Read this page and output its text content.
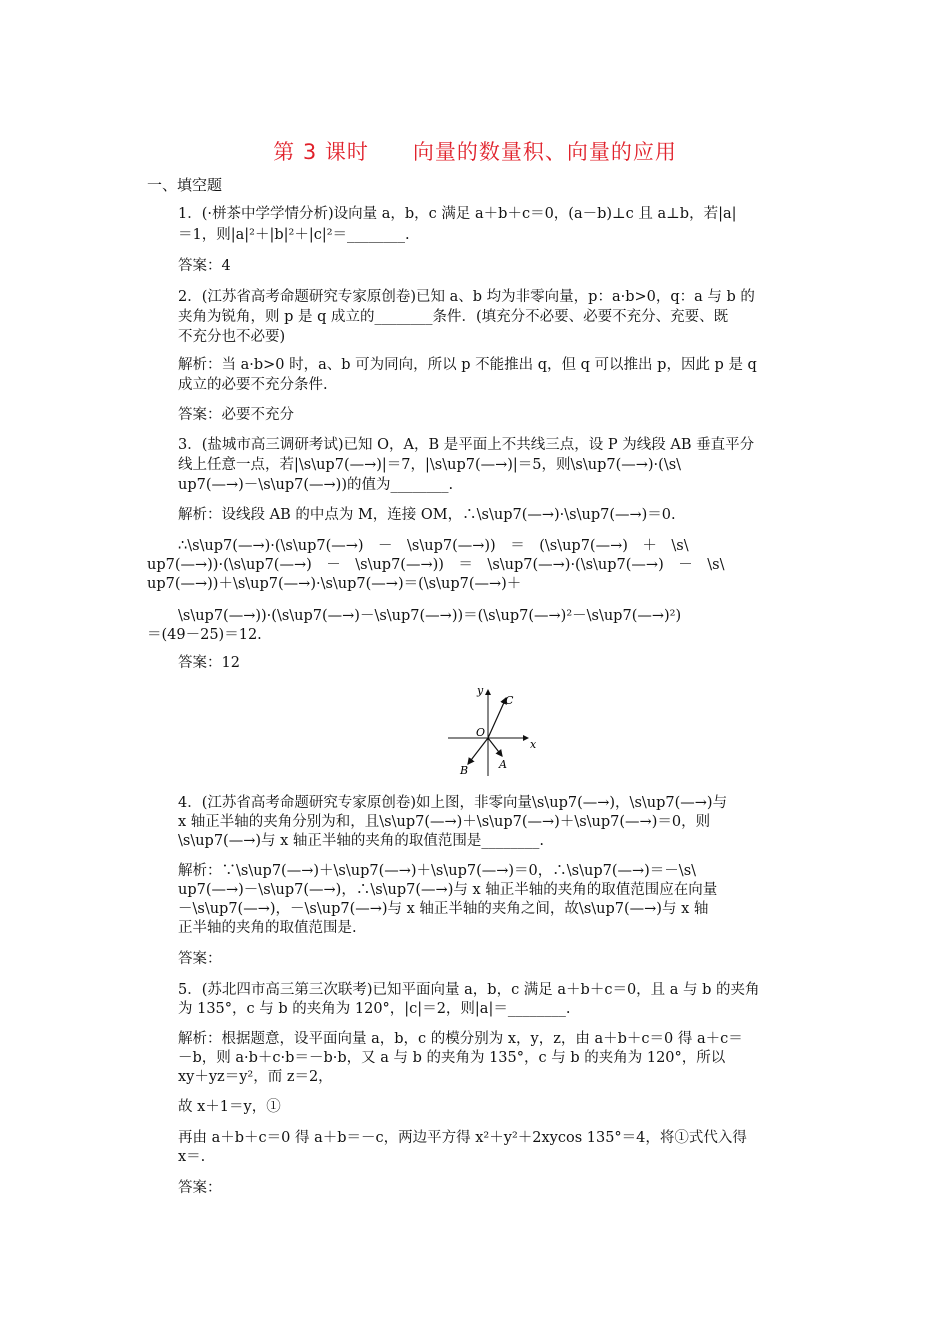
第 3 课时　　向量的数量积、向量的应用
一、填空题
1．(·栟茶中学学情分析)设向量 a，b，c 满足 a＋b＋c＝0，(a－b)⊥c 且 a⊥b，若|a|
＝1，则|a|²＋|b|²＋|c|²＝________.
答案：4
2．(江苏省高考命题研究专家原创卷)已知 a、b 均为非零向量，p：a·b>0，q：a 与 b 的
夹角为锐角，则 p 是 q 成立的________条件．(填充分不必要、必要不充分、充要、既
不充分也不必要)
解析：当 a·b>0 时，a、b 可为同向，所以 p 不能推出 q，但 q 可以推出 p，因此 p 是 q
成立的必要不充分条件.
答案：必要不充分
3．(盐城市高三调研考试)已知 O，A，B 是平面上不共线三点，设 P 为线段 AB 垂直平分
线上任意一点，若|\s\up7(—→)|＝7，|\s\up7(—→)|＝5，则\s\up7(—→)·(\s\
up7(—→)－\s\up7(—→))的值为________.
解析：设线段 AB 的中点为 M，连接 OM，∴\s\up7(—→)·\s\up7(—→)＝0.
∴\s\up7(—→)·(\s\up7(—→)　－　\s\up7(—→))　＝　(\s\up7(—→)　＋　\s\
up7(—→))·(\s\up7(—→)　－　\s\up7(—→))　＝　\s\up7(—→)·(\s\up7(—→)　－　\s\
up7(—→))＋\s\up7(—→)·\s\up7(—→)＝(\s\up7(—→)＋
\s\up7(—→))·(\s\up7(—→)－\s\up7(—→))＝(\s\up7(—→)²－\s\up7(—→)²)
＝(49－25)＝12.
答案：12
y
x
O
C
A
B
4．(江苏省高考命题研究专家原创卷)如上图，非零向量\s\up7(—→)，\s\up7(—→)与
x 轴正半轴的夹角分别为和，且\s\up7(—→)＋\s\up7(—→)＋\s\up7(—→)＝0，则
\s\up7(—→)与 x 轴正半轴的夹角的取值范围是________.
解析：∵\s\up7(—→)＋\s\up7(—→)＋\s\up7(—→)＝0，∴\s\up7(—→)＝－\s\
up7(—→)－\s\up7(—→)，∴\s\up7(—→)与 x 轴正半轴的夹角的取值范围应在向量
－\s\up7(—→)，－\s\up7(—→)与 x 轴正半轴的夹角之间，故\s\up7(—→)与 x 轴
正半轴的夹角的取值范围是.
答案：
5．(苏北四市高三第三次联考)已知平面向量 a，b，c 满足 a＋b＋c＝0，且 a 与 b 的夹角
为 135°，c 与 b 的夹角为 120°，|c|＝2，则|a|＝________.
解析：根据题意，设平面向量 a，b，c 的模分别为 x，y，z，由 a＋b＋c＝0 得 a＋c＝
－b，则 a·b＋c·b＝－b·b，又 a 与 b 的夹角为 135°，c 与 b 的夹角为 120°，所以
xy＋yz＝y²，而 z＝2，
故 x＋1＝y，①
再由 a＋b＋c＝0 得 a＋b＝－c，两边平方得 x²＋y²＋2xycos 135°＝4，将①式代入得
x＝.
答案：
